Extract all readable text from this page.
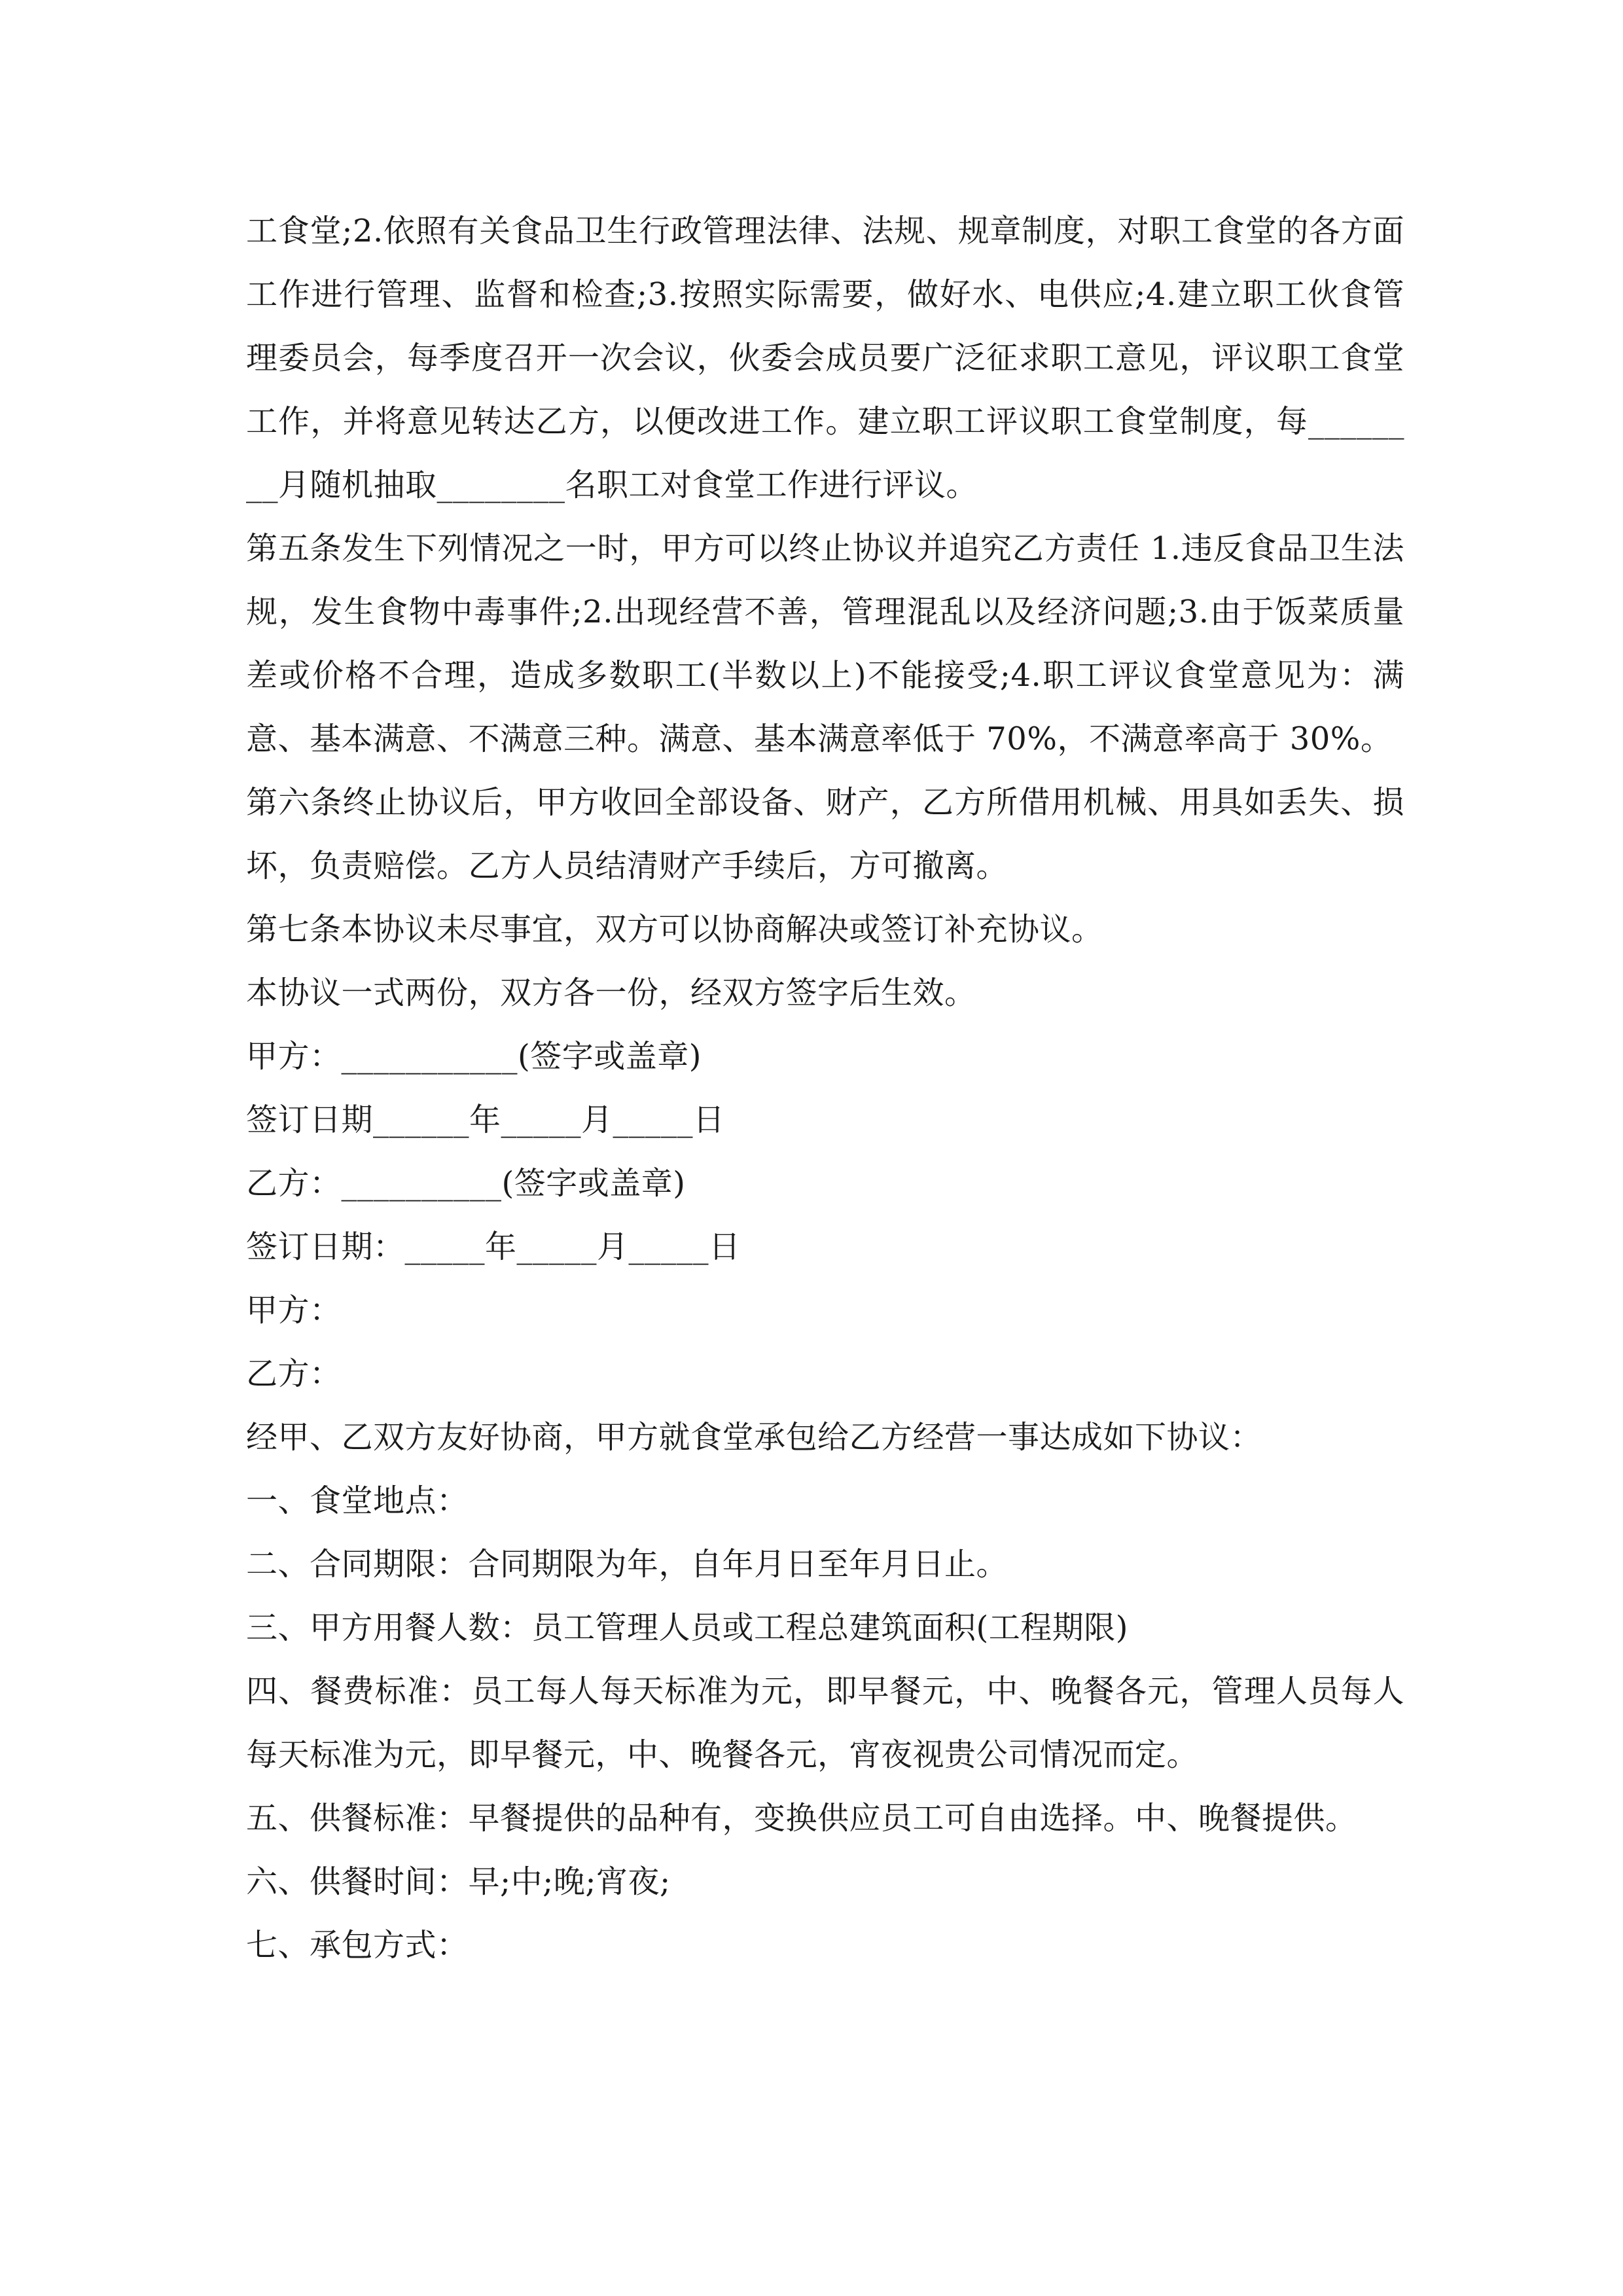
工食堂;2.依照有关食品卫生行政管理法律、法规、规章制度，对职工食堂的各方面工作进行管理、监督和检查;3.按照实际需要，做好水、电供应;4.建立职工伙食管理委员会，每季度召开一次会议，伙委会成员要广泛征求职工意见，评议职工食堂工作，并将意见转达乙方，以便改进工作。建立职工评议职工食堂制度，每________月随机抽取________名职工对食堂工作进行评议。

第五条发生下列情况之一时，甲方可以终止协议并追究乙方责任 1.违反食品卫生法规，发生食物中毒事件;2.出现经营不善，管理混乱以及经济问题;3.由于饭菜质量差或价格不合理，造成多数职工(半数以上)不能接受;4.职工评议食堂意见为：满意、基本满意、不满意三种。满意、基本满意率低于 70%，不满意率高于 30%。

第六条终止协议后，甲方收回全部设备、财产，乙方所借用机械、用具如丢失、损坏，负责赔偿。乙方人员结清财产手续后，方可撤离。

第七条本协议未尽事宜，双方可以协商解决或签订补充协议。

本协议一式两份，双方各一份，经双方签字后生效。

甲方：___________(签字或盖章)

签订日期______年_____月_____日

乙方：__________(签字或盖章)

签订日期：_____年_____月_____日

甲方：

乙方：

经甲、乙双方友好协商，甲方就食堂承包给乙方经营一事达成如下协议：

一、食堂地点：

二、合同期限：合同期限为年，自年月日至年月日止。

三、甲方用餐人数：员工管理人员或工程总建筑面积(工程期限)

四、餐费标准：员工每人每天标准为元，即早餐元，中、晚餐各元，管理人员每人每天标准为元，即早餐元，中、晚餐各元，宵夜视贵公司情况而定。

五、供餐标准：早餐提供的品种有，变换供应员工可自由选择。中、晚餐提供。

六、供餐时间：早;中;晚;宵夜;

七、承包方式：
